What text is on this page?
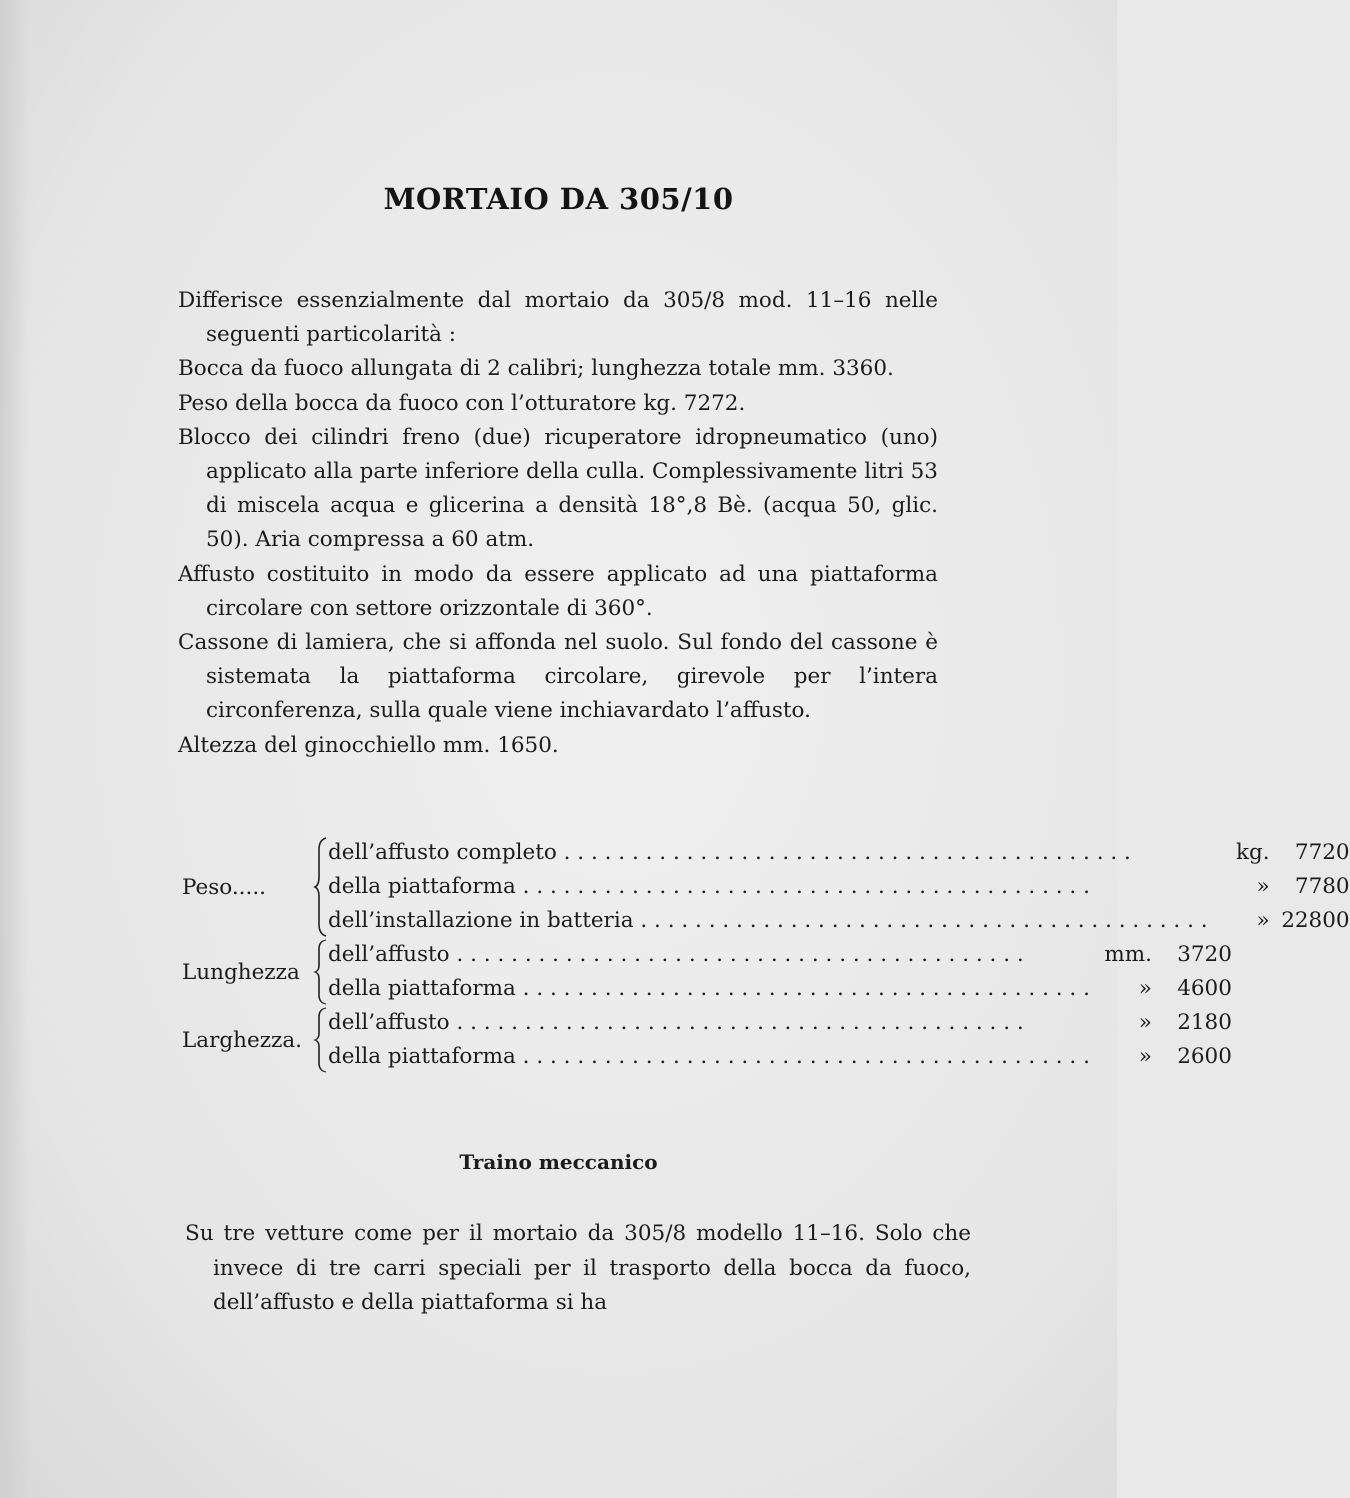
MORTAIO DA 305/10

Differisce essenzialmente dal mortaio da 305/8 mod. 11–16 nelle seguenti particolarità :

Bocca da fuoco allungata di 2 calibri; lunghezza totale mm. 3360.

Peso della bocca da fuoco con l’otturatore kg. 7272.

Blocco dei cilindri freno (due) ricuperatore idropneumatico (uno) applicato alla parte inferiore della culla. Complessivamente litri 53 di miscela acqua e glicerina a densità 18°,8 Bè. (acqua 50, glic. 50). Aria compressa a 60 atm.

Affusto costituito in modo da essere applicato ad una piattaforma circolare con settore orizzontale di 360°.

Cassone di lamiera, che si affonda nel suolo. Sul fondo del cassone è sistemata la piattaforma circolare, girevole per l’intera circonferenza, sulla quale viene inchiavardato l’affusto.

Altezza del ginocchiello mm. 1650.

Peso.....
dell’affusto completo . . .	kg.	7720
della piattaforma . . .	»	7780
dell’installazione in batteria . . .	» 22800
Lunghezza
dell’affusto . . .	mm.	3720
della piattaforma . . .	»	4600
Larghezza.
dell’affusto . . .	»	2180
della piattaforma . . .	»	2600
Traino meccanico

Su tre vetture come per il mortaio da 305/8 modello 11–16. Solo che invece di tre carri speciali per il trasporto della bocca da fuoco, dell’affusto e della piattaforma si ha
